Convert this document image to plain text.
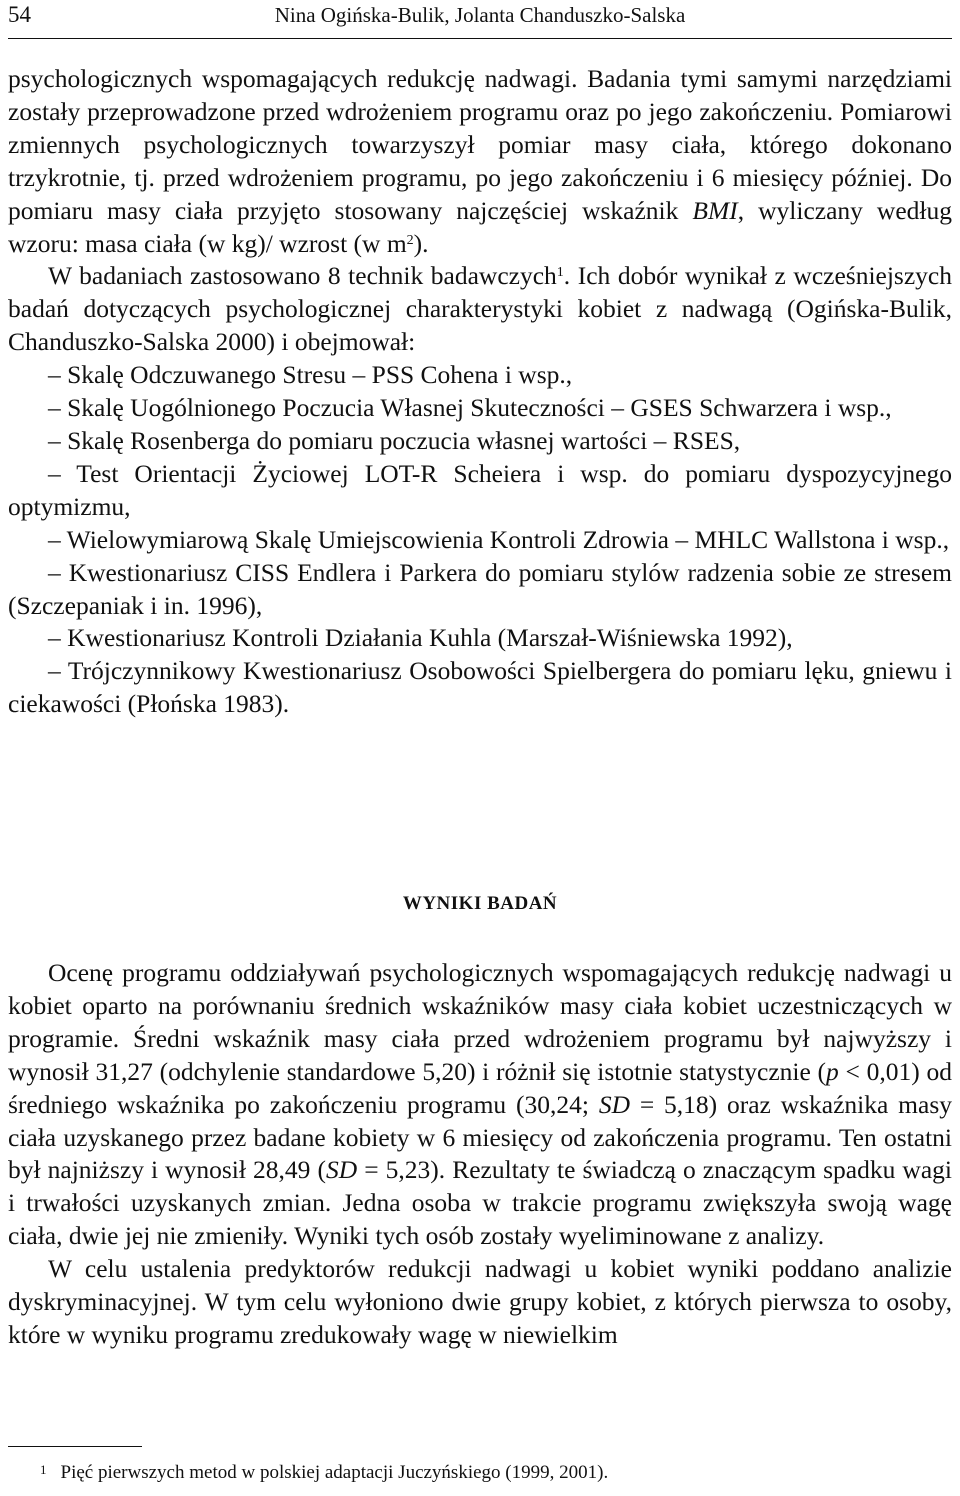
54	Nina Ogińska-Bulik, Jolanta Chanduszko-Salska

psychologicznych wspomagających redukcję nadwagi. Badania tymi samymi narzędziami zostały przeprowadzone przed wdrożeniem programu oraz po jego zakończeniu. Pomiarowi zmiennych psychologicznych towarzyszył pomiar masy ciała, którego dokonano trzykrotnie, tj. przed wdrożeniem programu, po jego zakończeniu i 6 miesięcy później. Do pomiaru masy ciała przyjęto stosowany najczęściej wskaźnik BMI, wyliczany według wzoru: masa ciała (w kg)/ wzrost (w $m^2$).

W badaniach zastosowano 8 technik badawczych$^1$. Ich dobór wynikał z wcześniejszych badań dotyczących psychologicznej charakterystyki kobiet z nadwagą (Ogińska-Bulik, Chanduszko-Salska 2000) i obejmował:

– Skalę Odczuwanego Stresu – PSS Cohena i wsp.,

– Skalę Uogólnionego Poczucia Własnej Skuteczności – GSES Schwarzera i wsp.,

– Skalę Rosenberga do pomiaru poczucia własnej wartości – RSES,

– Test Orientacji Życiowej LOT-R Scheiera i wsp. do pomiaru dyspozycyjnego optymizmu,

– Wielowymiarową Skalę Umiejscowienia Kontroli Zdrowia – MHLC Wallstona i wsp.,

– Kwestionariusz CISS Endlera i Parkera do pomiaru stylów radzenia sobie ze stresem (Szczepaniak i in. 1996),

– Kwestionariusz Kontroli Działania Kuhla (Marszał-Wiśniewska 1992),

– Trójczynnikowy Kwestionariusz Osobowości Spielbergera do pomiaru lęku, gniewu i ciekawości (Płońska 1983).

WYNIKI BADAŃ

Ocenę programu oddziaływań psychologicznych wspomagających redukcję nadwagi u kobiet oparto na porównaniu średnich wskaźników masy ciała kobiet uczestniczących w programie. Średni wskaźnik masy ciała przed wdrożeniem programu był najwyższy i wynosił 31,27 (odchylenie standardowe 5,20) i różnił się istotnie statystycznie (p < 0,01) od średniego wskaźnika po zakończeniu programu (30,24; SD = 5,18) oraz wskaźnika masy ciała uzyskanego przez badane kobiety w 6 miesięcy od zakończenia programu. Ten ostatni był najniższy i wynosił 28,49 (SD = 5,23). Rezultaty te świadczą o znaczącym spadku wagi i trwałości uzyskanych zmian. Jedna osoba w trakcie programu zwiększyła swoją wagę ciała, dwie jej nie zmieniły. Wyniki tych osób zostały wyeliminowane z analizy.

W celu ustalenia predyktorów redukcji nadwagi u kobiet wyniki poddano analizie dyskryminacyjnej. W tym celu wyłoniono dwie grupy kobiet, z których pierwsza to osoby, które w wyniku programu zredukowały wagę w niewielkim

$^1$ Pięć pierwszych metod w polskiej adaptacji Juczyńskiego (1999, 2001).
